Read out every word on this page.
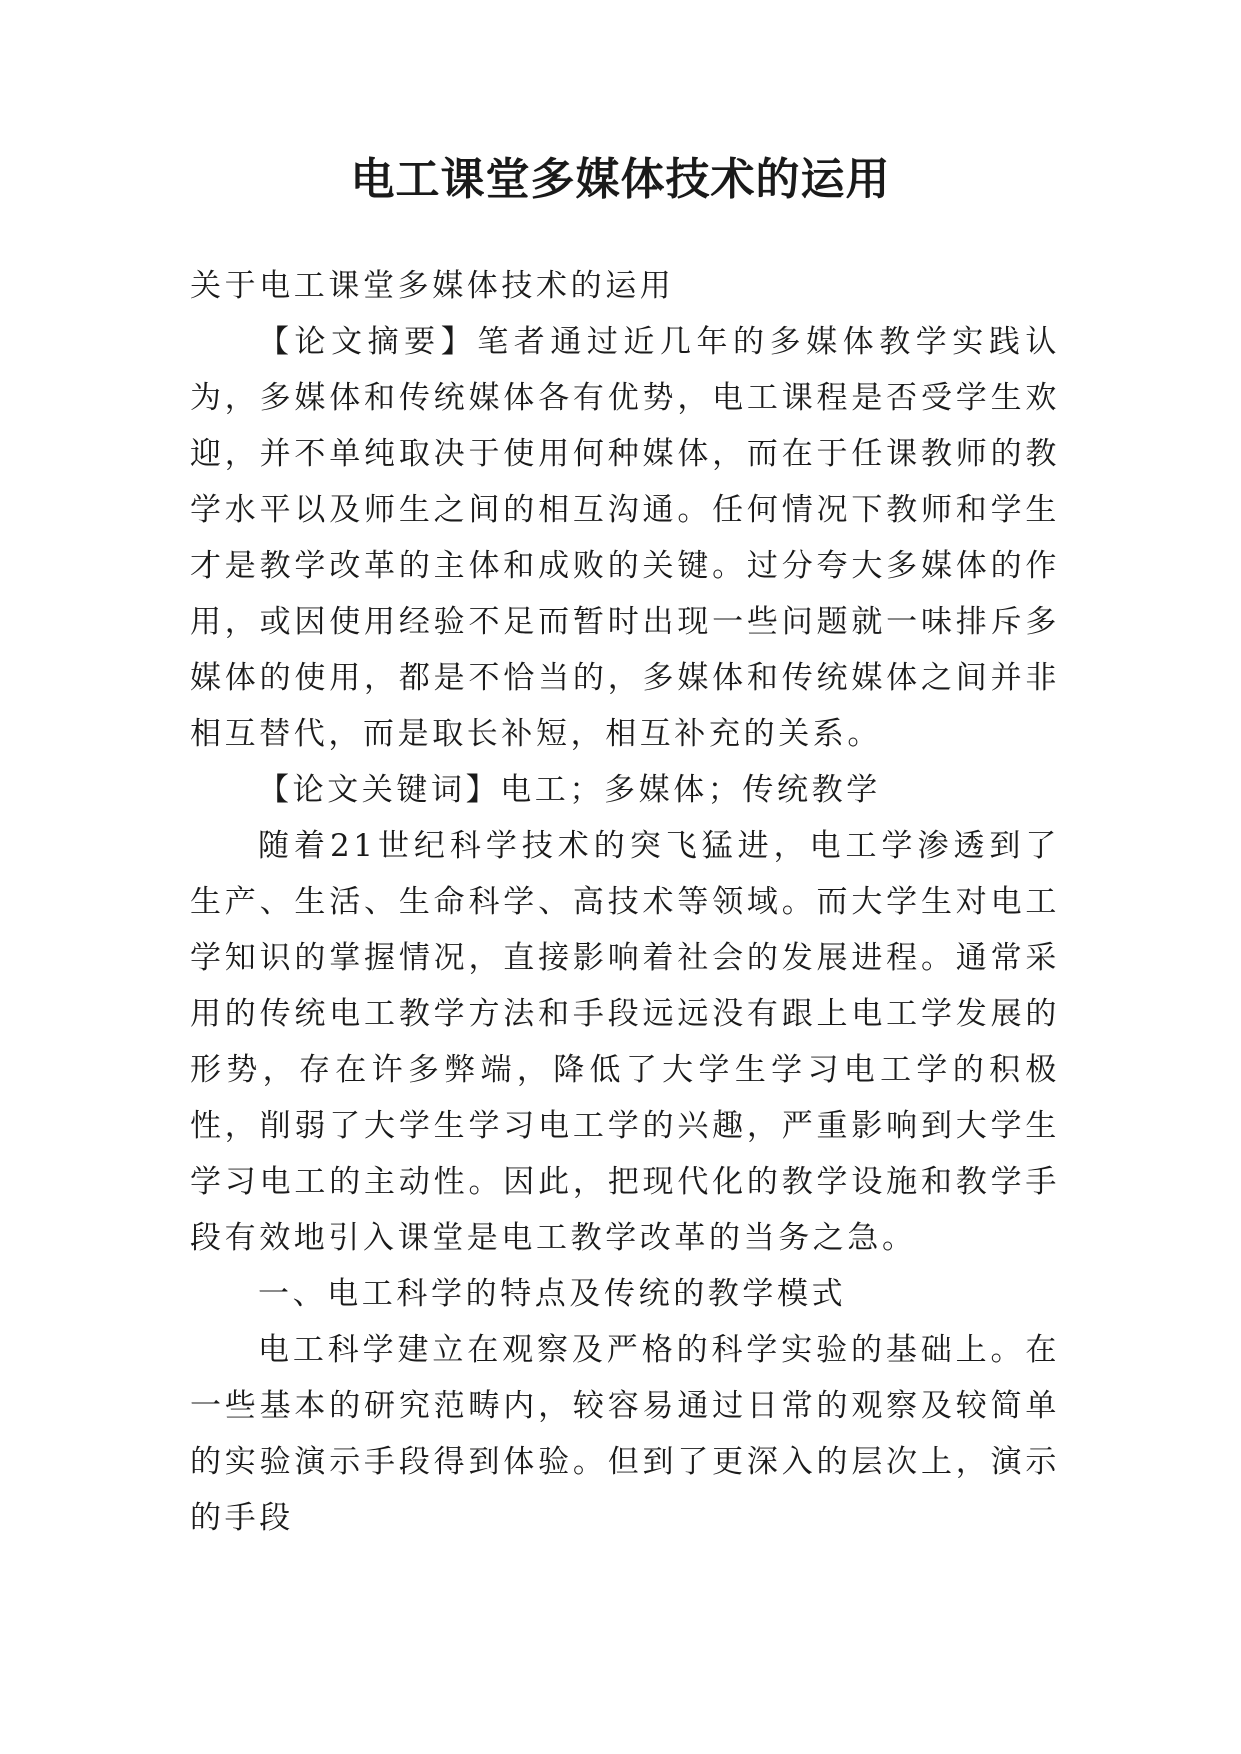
电工课堂多媒体技术的运用

关于电工课堂多媒体技术的运用

【论文摘要】笔者通过近几年的多媒体教学实践认为，多媒体和传统媒体各有优势，电工课程是否受学生欢迎，并不单纯取决于使用何种媒体，而在于任课教师的教学水平以及师生之间的相互沟通。任何情况下教师和学生才是教学改革的主体和成败的关键。过分夸大多媒体的作用，或因使用经验不足而暂时出现一些问题就一味排斥多媒体的使用，都是不恰当的，多媒体和传统媒体之间并非相互替代，而是取长补短，相互补充的关系。

【论文关键词】电工；多媒体；传统教学

随着21世纪科学技术的突飞猛进，电工学渗透到了生产、生活、生命科学、高技术等领域。而大学生对电工学知识的掌握情况，直接影响着社会的发展进程。通常采用的传统电工教学方法和手段远远没有跟上电工学发展的形势，存在许多弊端，降低了大学生学习电工学的积极性，削弱了大学生学习电工学的兴趣，严重影响到大学生学习电工的主动性。因此，把现代化的教学设施和教学手段有效地引入课堂是电工教学改革的当务之急。

一、电工科学的特点及传统的教学模式

电工科学建立在观察及严格的科学实验的基础上。在一些基本的研究范畴内，较容易通过日常的观察及较简单的实验演示手段得到体验。但到了更深入的层次上，演示的手段
